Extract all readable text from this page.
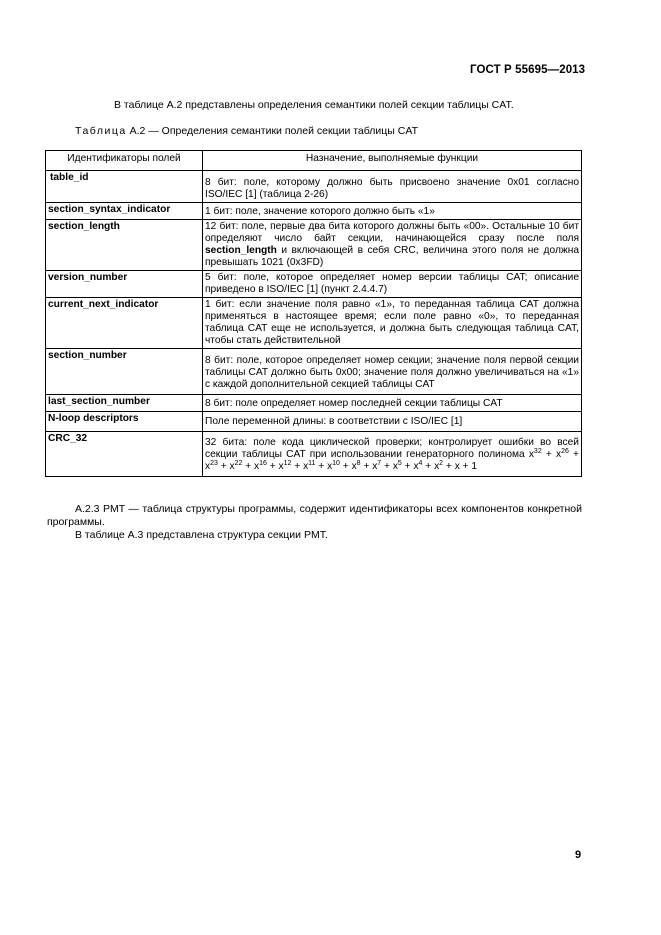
ГОСТ Р 55695—2013
В таблице А.2 представлены определения семантики полей секции таблицы CAT.
Таблица А.2 — Определения семантики полей секции таблицы CAT
Идентификаторы полей	Назначение, выполняемые функции
table_id	8 бит: поле, которому должно быть присвоено значение 0x01 согласно ISO/IEC [1] (таблица 2-26)
section_syntax_indicator	1 бит: поле, значение которого должно быть «1»
section_length	12 бит: поле, первые два бита которого должны быть «00». Остальные 10 бит определяют число байт секции, начинающейся сразу после поля section_length и включающей в себя CRC, величина этого поля не должна превышать 1021 (0x3FD)
version_number	5 бит: поле, которое определяет номер версии таблицы CAT; описание приведено в ISO/IEC [1] (пункт 2.4.4.7)
current_next_indicator	1 бит: если значение поля равно «1», то переданная таблица CAT должна применяться в настоящее время; если поле равно «0», то переданная таблица CAT еще не используется, и должна быть следующая таблица CAT, чтобы стать действительной
section_number	8 бит: поле, которое определяет номер секции; значение поля первой секции таблицы CAT должно быть 0x00; значение поля должно увеличиваться на «1» с каждой дополнительной секцией таблицы CAT
last_section_number	8 бит: поле определяет номер последней секции таблицы CAT
N-loop descriptors	Поле переменной длины: в соответствии с ISO/IEC [1]
CRC_32	32 бита: поле кода циклической проверки; контролирует ошибки во всей секции таблицы CAT при использовании генераторного полинома $x^{32} + x^{26} + x^{23} + x^{22} + x^{16} + x^{12} + x^{11} + x^{10} + x^8 + x^7 + x^5 + x^4 + x^2 + x + 1$
А.2.3 PMT — таблица структуры программы, содержит идентификаторы всех компонентов конкретной программы.
В таблице А.3 представлена структура секции PMT.
9
